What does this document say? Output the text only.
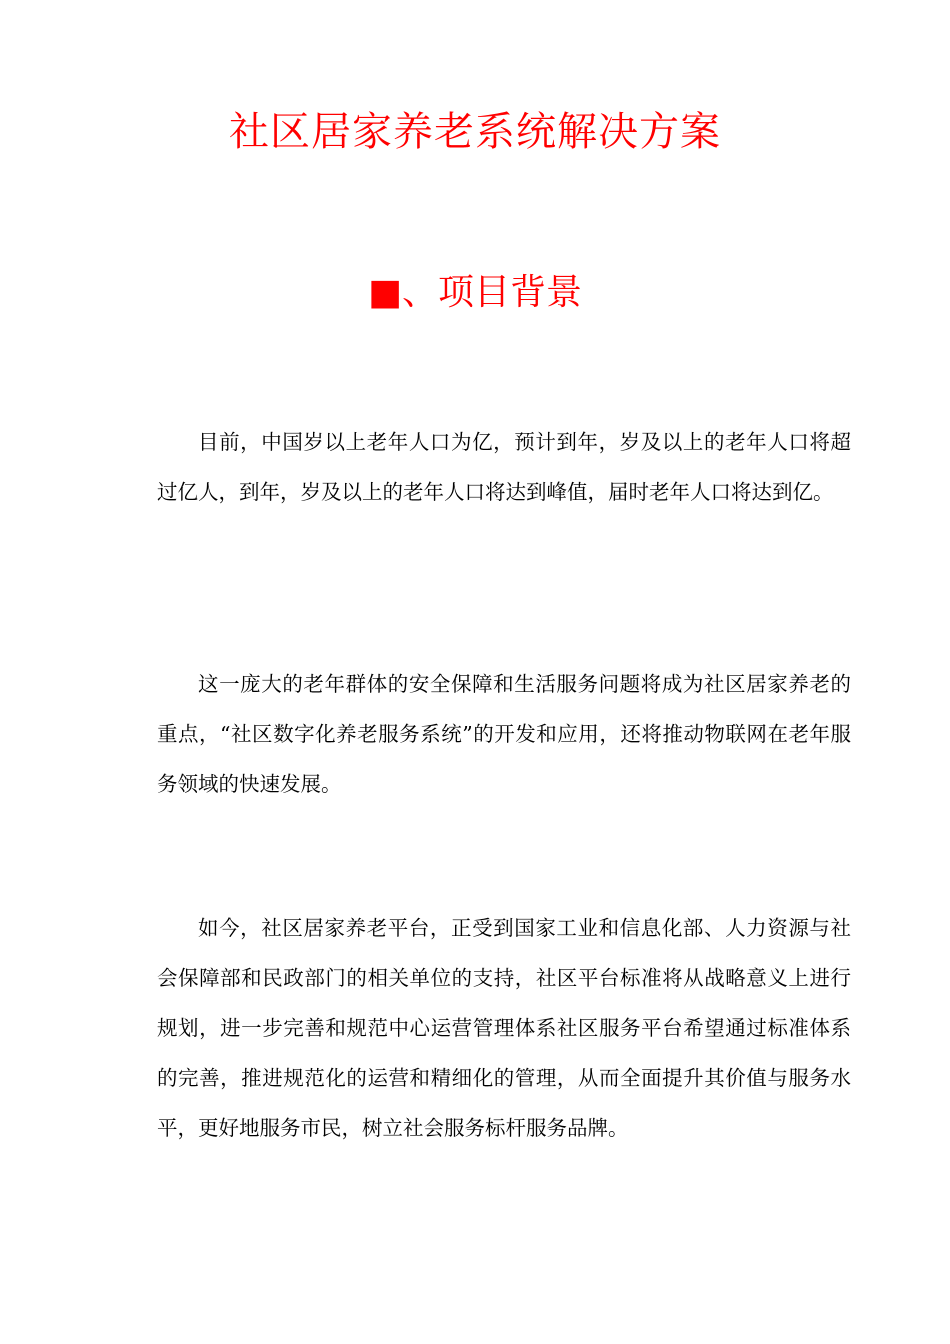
社区居家养老系统解决方案
■、项目背景

目前，中国岁以上老年人口为亿，预计到年，岁及以上的老年人口将超过亿人，到年，岁及以上的老年人口将达到峰值，届时老年人口将达到亿。

这一庞大的老年群体的安全保障和生活服务问题将成为社区居家养老的重点，“社区数字化养老服务系统”的开发和应用，还将推动物联网在老年服务领域的快速发展。

如今，社区居家养老平台，正受到国家工业和信息化部、人力资源与社会保障部和民政部门的相关单位的支持，社区平台标准将从战略意义上进行规划，进一步完善和规范中心运营管理体系社区服务平台希望通过标准体系的完善，推进规范化的运营和精细化的管理，从而全面提升其价值与服务水平，更好地服务市民，树立社会服务标杆服务品牌。
